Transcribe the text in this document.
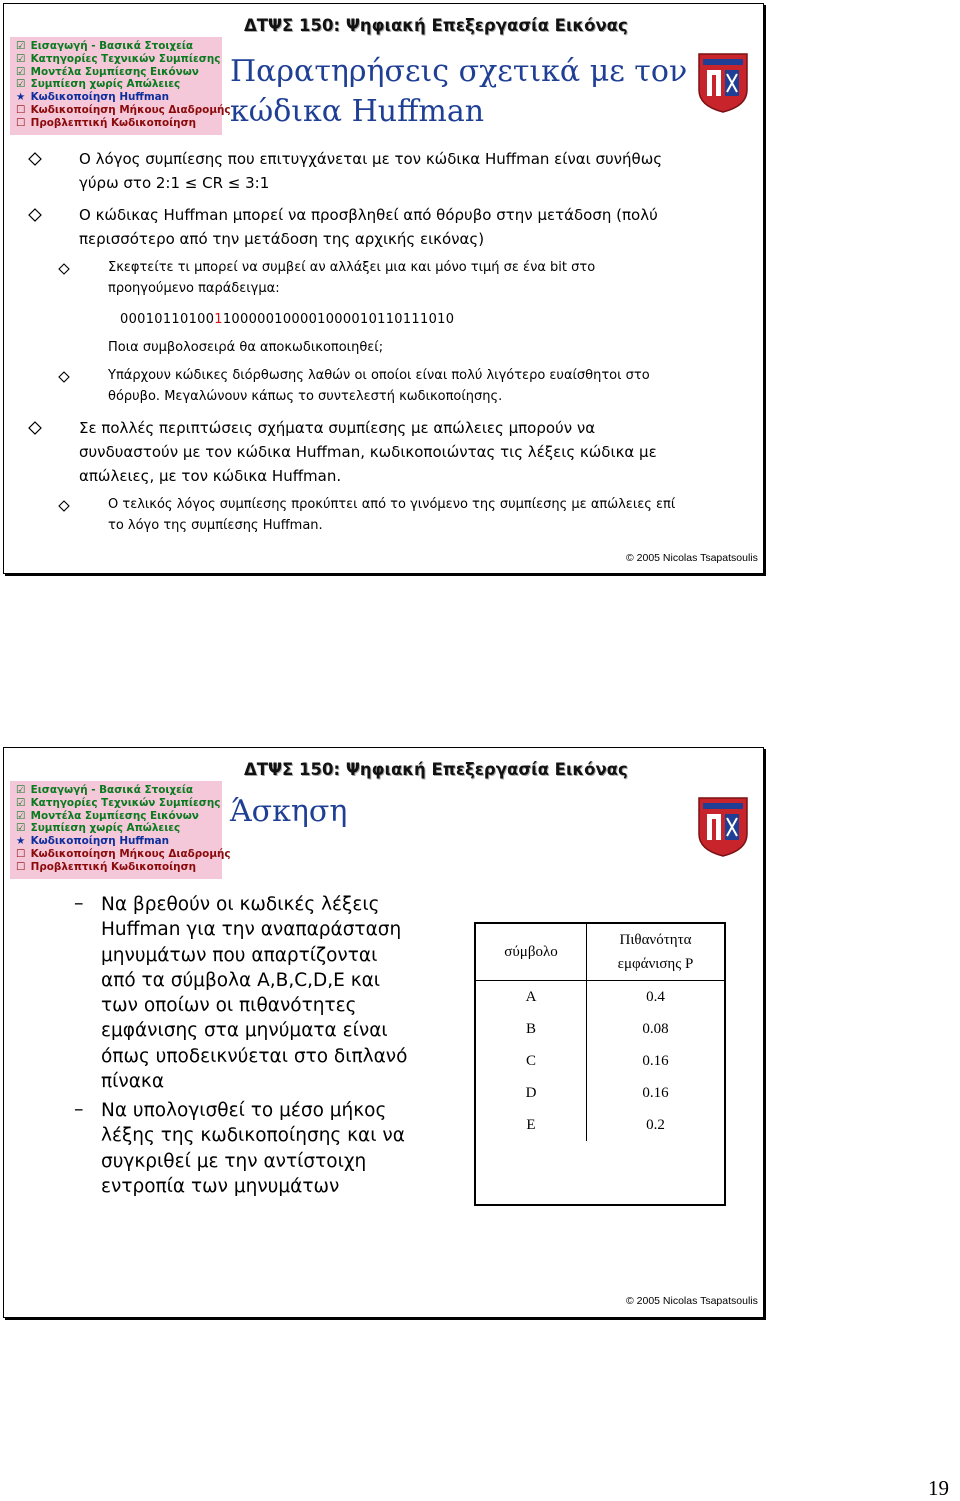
☑ Εισαγωγή - Βασικά Στοιχεία
☑ Κατηγορίες Τεχνικών Συμπίεσης
☑ Μοντέλα Συμπίεσης Εικόνων
☑ Συμπίεση χωρίς Απώλειες
★ Κωδικοποίηση Huffman
☐ Κωδικοποίηση Μήκους Διαδρομής
☐ Προβλεπτική Κωδικοποίηση
ΔΤΨΣ 150: Ψηφιακή Επεξεργασία Εικόνας
Παρατηρήσεις σχετικά με τον
κώδικα Huffman
Ο λόγος συμπίεσης που επιτυγχάνεται με τον κώδικα Huffman είναι συνήθως
γύρω στο 2:1 ≤ CR ≤ 3:1
Ο κώδικας Huffman μπορεί να προσβληθεί από θόρυβο στην μετάδοση (πολύ
περισσότερο από την μετάδοση της αρχικής εικόνας)
Σκεφτείτε τι μπορεί να συμβεί αν αλλάξει μια και μόνο τιμή σε ένα bit στο
προηγούμενο παράδειγμα:
000101101001100000100001000010110111010
Ποια συμβολοσειρά θα αποκωδικοποιηθεί;
Υπάρχουν κώδικες διόρθωσης λαθών οι οποίοι είναι πολύ λιγότερο ευαίσθητοι στο
θόρυβο. Μεγαλώνουν κάπως το συντελεστή κωδικοποίησης.
Σε πολλές περιπτώσεις σχήματα συμπίεσης με απώλειες μπορούν να
συνδυαστούν με τον κώδικα Huffman, κωδικοποιώντας τις λέξεις κώδικα με
απώλειες, με τον κώδικα Huffman.
Ο τελικός λόγος συμπίεσης προκύπτει από το γινόμενο της συμπίεσης με απώλειες επί
το λόγο της συμπίεσης Huffman.
© 2005 Nicolas Tsapatsoulis
☑ Εισαγωγή - Βασικά Στοιχεία
☑ Κατηγορίες Τεχνικών Συμπίεσης
☑ Μοντέλα Συμπίεσης Εικόνων
☑ Συμπίεση χωρίς Απώλειες
★ Κωδικοποίηση Huffman
☐ Κωδικοποίηση Μήκους Διαδρομής
☐ Προβλεπτική Κωδικοποίηση
ΔΤΨΣ 150: Ψηφιακή Επεξεργασία Εικόνας
Άσκηση
– Να βρεθούν οι κωδικές λέξεις
Huffman για την αναπαράσταση
μηνυμάτων που απαρτίζονται
από τα σύμβολα A,B,C,D,E και
των οποίων οι πιθανότητες
εμφάνισης στα μηνύματα είναι
όπως υποδεικνύεται στο διπλανό
πίνακα
– Να υπολογισθεί το μέσο μήκος
λέξης της κωδικοποίησης και να
συγκριθεί με την αντίστοιχη
εντροπία των μηνυμάτων
σύμβολο	Πιθανότητα
εμφάνισης P

A	0.4
B	0.08
C	0.16
D	0.16
E	0.2
© 2005 Nicolas Tsapatsoulis
19
